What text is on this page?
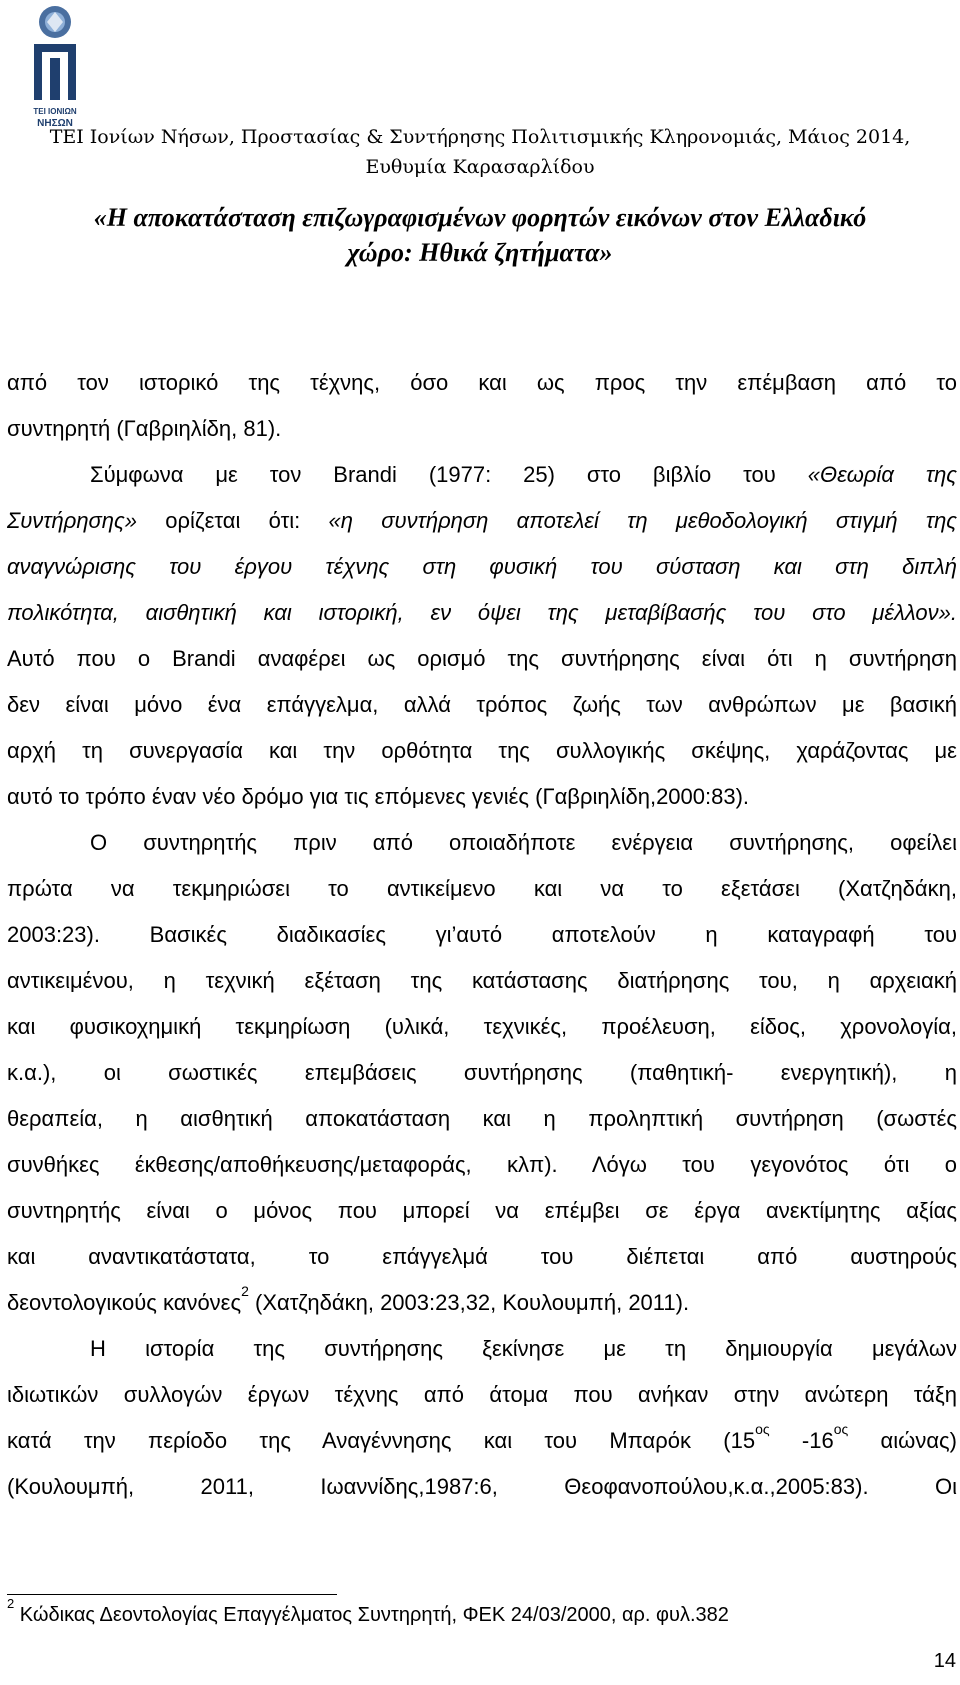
ΤΕΙ ΙΟΝΙΩΝ
ΝΗΣΩΝ
ΤΕΙ Ιονίων Νήσων, Προστασίας & Συντήρησης Πολιτισμικής Κληρονομιάς, Μάιος 2014,
Ευθυμία Καρασαρλίδου
«Η αποκατάσταση επιζωγραφισμένων φορητών εικόνων στον Ελλαδικό
χώρο: Ηθικά ζητήματα»
από τον ιστορικό της τέχνης, όσο και ως προς την επέμβαση από το
συντηρητή (Γαβριηλίδη, 81).
Σύμφωνα με τον Brandi (1977: 25) στο βιβλίο του «Θεωρία της
Συντήρησης» ορίζεται ότι: «η συντήρηση αποτελεί τη μεθοδολογική στιγμή της
αναγνώρισης του έργου τέχνης στη φυσική του σύσταση και στη διπλή
πολικότητα, αισθητική και ιστορική, εν όψει της μεταβίβασής του στο μέλλον».
Αυτό που ο Brandi αναφέρει ως ορισμό της συντήρησης είναι ότι η συντήρηση
δεν είναι μόνο ένα επάγγελμα, αλλά τρόπος ζωής των ανθρώπων με βασική
αρχή τη συνεργασία και την ορθότητα της συλλογικής σκέψης, χαράζοντας με
αυτό το τρόπο έναν νέο δρόμο για τις επόμενες γενιές (Γαβριηλίδη,2000:83).
Ο συντηρητής πριν από οποιαδήποτε ενέργεια συντήρησης, οφείλει
πρώτα να τεκμηριώσει το αντικείμενο και να το εξετάσει (Χατζηδάκη,
2003:23). Βασικές διαδικασίες γι’αυτό αποτελούν η καταγραφή του
αντικειμένου, η τεχνική εξέταση της κατάστασης διατήρησης του, η αρχειακή
και φυσικοχημική τεκμηρίωση (υλικά, τεχνικές, προέλευση, είδος, χρονολογία,
κ.α.), οι σωστικές επεμβάσεις συντήρησης (παθητική- ενεργητική), η
θεραπεία, η αισθητική αποκατάσταση και η προληπτική συντήρηση (σωστές
συνθήκες έκθεσης/αποθήκευσης/μεταφοράς, κλπ). Λόγω του γεγονότος ότι ο
συντηρητής είναι ο μόνος που μπορεί να επέμβει σε έργα ανεκτίμητης αξίας
και αναντικατάστατα, το επάγγελμά του διέπεται από αυστηρούς
δεοντολογικούς κανόνες$^2$ (Χατζηδάκη, 2003:23,32, Κουλουμπή, 2011).
Η ιστορία της συντήρησης ξεκίνησε με τη δημιουργία μεγάλων
ιδιωτικών συλλογών έργων τέχνης από άτομα που ανήκαν στην ανώτερη τάξη
κατά την περίοδο της Αναγέννησης και του Μπαρόκ ($15^{o\varsigma}$ $-16^{o\varsigma}$ αιώνας)
(Κουλουμπή, 2011, Ιωαννίδης,1987:6, Θεοφανοπούλου,κ.α.,2005:83). Οι
$^2$ Κώδικας Δεοντολογίας Επαγγέλματος Συντηρητή, ΦΕΚ 24/03/2000, αρ. φυλ.382
14
